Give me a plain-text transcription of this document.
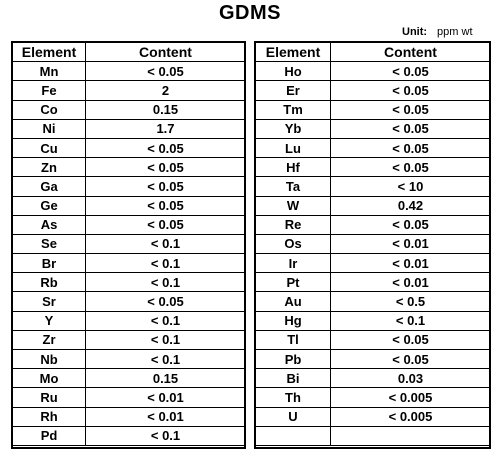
GDMS
Unit: ppm wt
Element	Content
Mn	< 0.05
Fe	2
Co	0.15
Ni	1.7
Cu	< 0.05
Zn	< 0.05
Ga	< 0.05
Ge	< 0.05
As	< 0.05
Se	< 0.1
Br	< 0.1
Rb	< 0.1
Sr	< 0.05
Y	< 0.1
Zr	< 0.1
Nb	< 0.1
Mo	0.15
Ru	< 0.01
Rh	< 0.01
Pd	< 0.1
Element	Content
Ho	< 0.05
Er	< 0.05
Tm	< 0.05
Yb	< 0.05
Lu	< 0.05
Hf	< 0.05
Ta	< 10
W	0.42
Re	< 0.05
Os	< 0.01
Ir	< 0.01
Pt	< 0.01
Au	< 0.5
Hg	< 0.1
Tl	< 0.05
Pb	< 0.05
Bi	0.03
Th	< 0.005
U	< 0.005
